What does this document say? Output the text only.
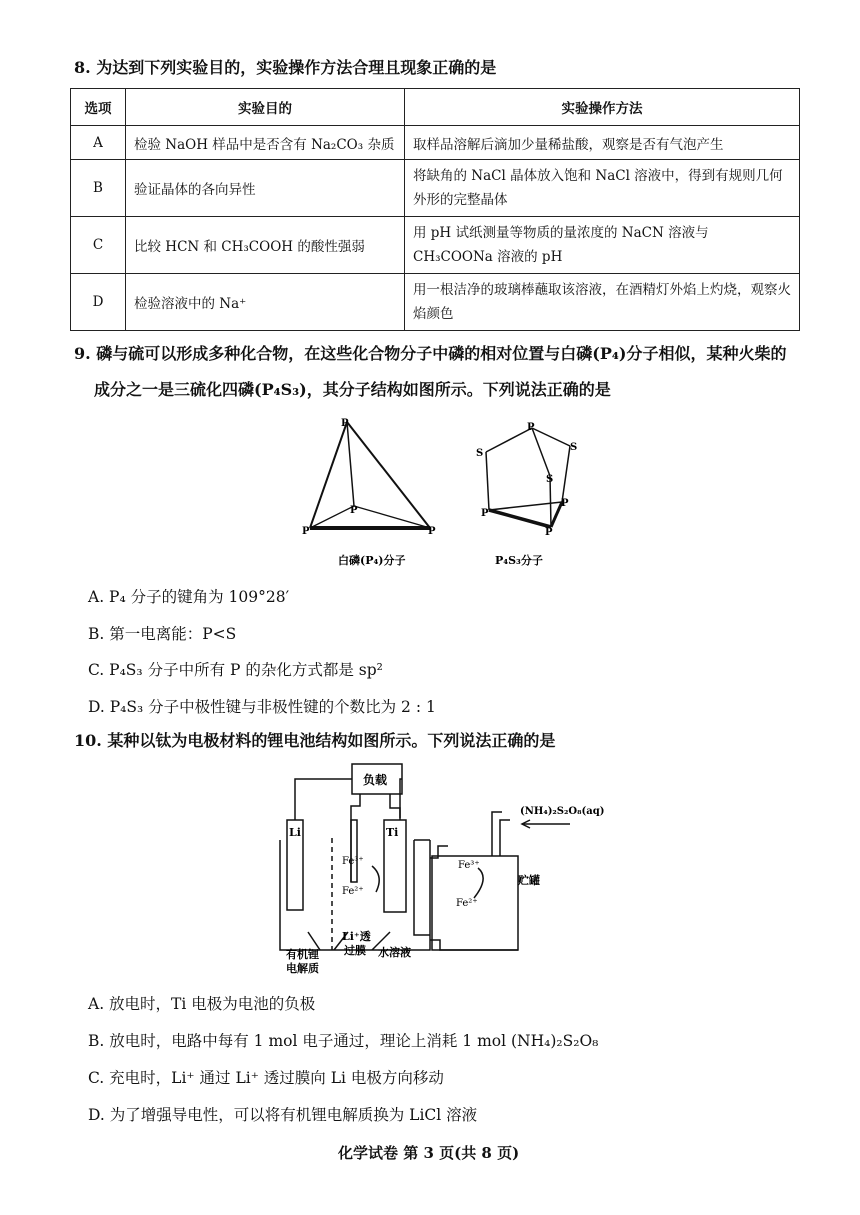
8. 为达到下列实验目的，实验操作方法合理且现象正确的是
选项	实验目的	实验操作方法
A	检验 NaOH 样品中是否含有 Na₂CO₃ 杂质	取样品溶解后滴加少量稀盐酸，观察是否有气泡产生
B	验证晶体的各向异性	将缺角的 NaCl 晶体放入饱和 NaCl 溶液中，得到有规则几何外形的完整晶体
C	比较 HCN 和 CH₃COOH 的酸性强弱	用 pH 试纸测量等物质的量浓度的 NaCN 溶液与 CH₃COONa 溶液的 pH
D	检验溶液中的 Na⁺	用一根洁净的玻璃棒蘸取该溶液，在酒精灯外焰上灼烧，观察火焰颜色
9. 磷与硫可以形成多种化合物，在这些化合物分子中磷的相对位置与白磷(P₄)分子相似，某种火柴的
成分之一是三硫化四磷(P₄S₃)，其分子结构如图所示。下列说法正确的是
P
P	P
P
白磷(P₄)分子
P
S
S
S
P
P
P
P₄S₃分子
A. P₄ 分子的键角为 109°28′
B. 第一电离能：P<S
C. P₄S₃ 分子中所有 P 的杂化方式都是 sp²
D. P₄S₃ 分子中极性键与非极性键的个数比为 2 : 1
10. 某种以钛为电极材料的锂电池结构如图所示。下列说法正确的是
负载
Li	Ti
(NH₄)₂S₂O₈(aq)
Fe³⁺
Fe²⁺
Fe³⁺
Fe²⁺
贮罐
有机锂
电解质
Li⁺透
过膜 水溶液
A. 放电时，Ti 电极为电池的负极
B. 放电时，电路中每有 1 mol 电子通过，理论上消耗 1 mol (NH₄)₂S₂O₈
C. 充电时，Li⁺ 通过 Li⁺ 透过膜向 Li 电极方向移动
D. 为了增强导电性，可以将有机锂电解质换为 LiCl 溶液
化学试卷 第 3 页(共 8 页)
